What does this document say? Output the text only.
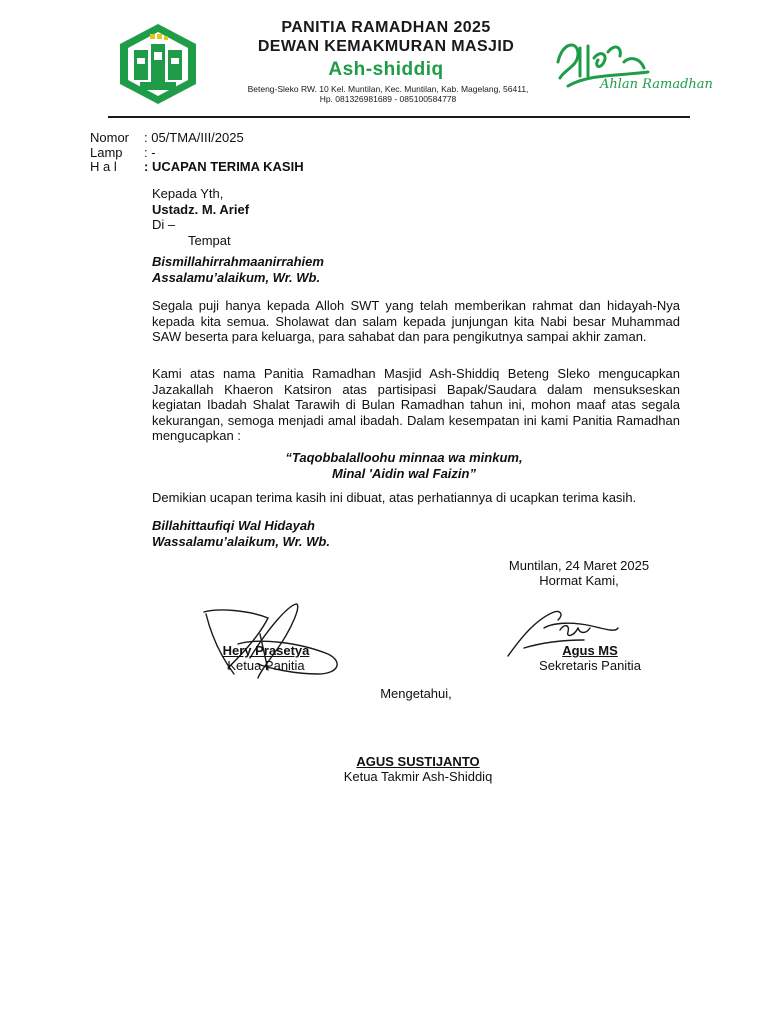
PANITIA RAMADHAN 2025
DEWAN KEMAKMURAN MASJID
Ash-shiddiq
Beteng-Sleko RW. 10 Kel. Muntilan, Kec. Muntilan, Kab. Magelang, 56411,
Hp. 081326981689 - 085100584778
Ahlan Ramadhan
Nomor	: 05/TMA/III/2025
Lamp	: -
H a l	: UCAPAN TERIMA KASIH
Kepada Yth,
Ustadz. M. Arief
Di –
Tempat
Bismillahirrahmaanirrahiem
Assalamu’alaikum, Wr. Wb.
Segala puji hanya kepada Alloh SWT yang telah memberikan rahmat dan hidayah-Nya kepada kita semua. Sholawat dan salam kepada junjungan kita Nabi besar Muhammad SAW beserta para keluarga, para sahabat dan para pengikutnya sampai akhir zaman.
Kami atas nama Panitia Ramadhan Masjid Ash-Shiddiq Beteng Sleko mengucapkan Jazakallah Khaeron Katsiron atas partisipasi Bapak/Saudara dalam mensukseskan kegiatan Ibadah Shalat Tarawih di Bulan Ramadhan tahun ini, mohon maaf atas segala kekurangan, semoga menjadi amal ibadah. Dalam kesempatan ini kami Panitia Ramadhan mengucapkan :
“Taqobbalalloohu minnaa wa minkum,
Minal 'Aidin wal Faizin”
Demikian ucapan terima kasih ini dibuat, atas perhatiannya di ucapkan terima kasih.
Billahittaufiqi Wal Hidayah
Wassalamu’alaikum, Wr. Wb.
Muntilan, 24 Maret 2025
Hormat Kami,
Hery Prasetya
Ketua Panitia
Agus MS
Sekretaris Panitia
Mengetahui,
AGUS SUSTIJANTO
Ketua Takmir Ash-Shiddiq
